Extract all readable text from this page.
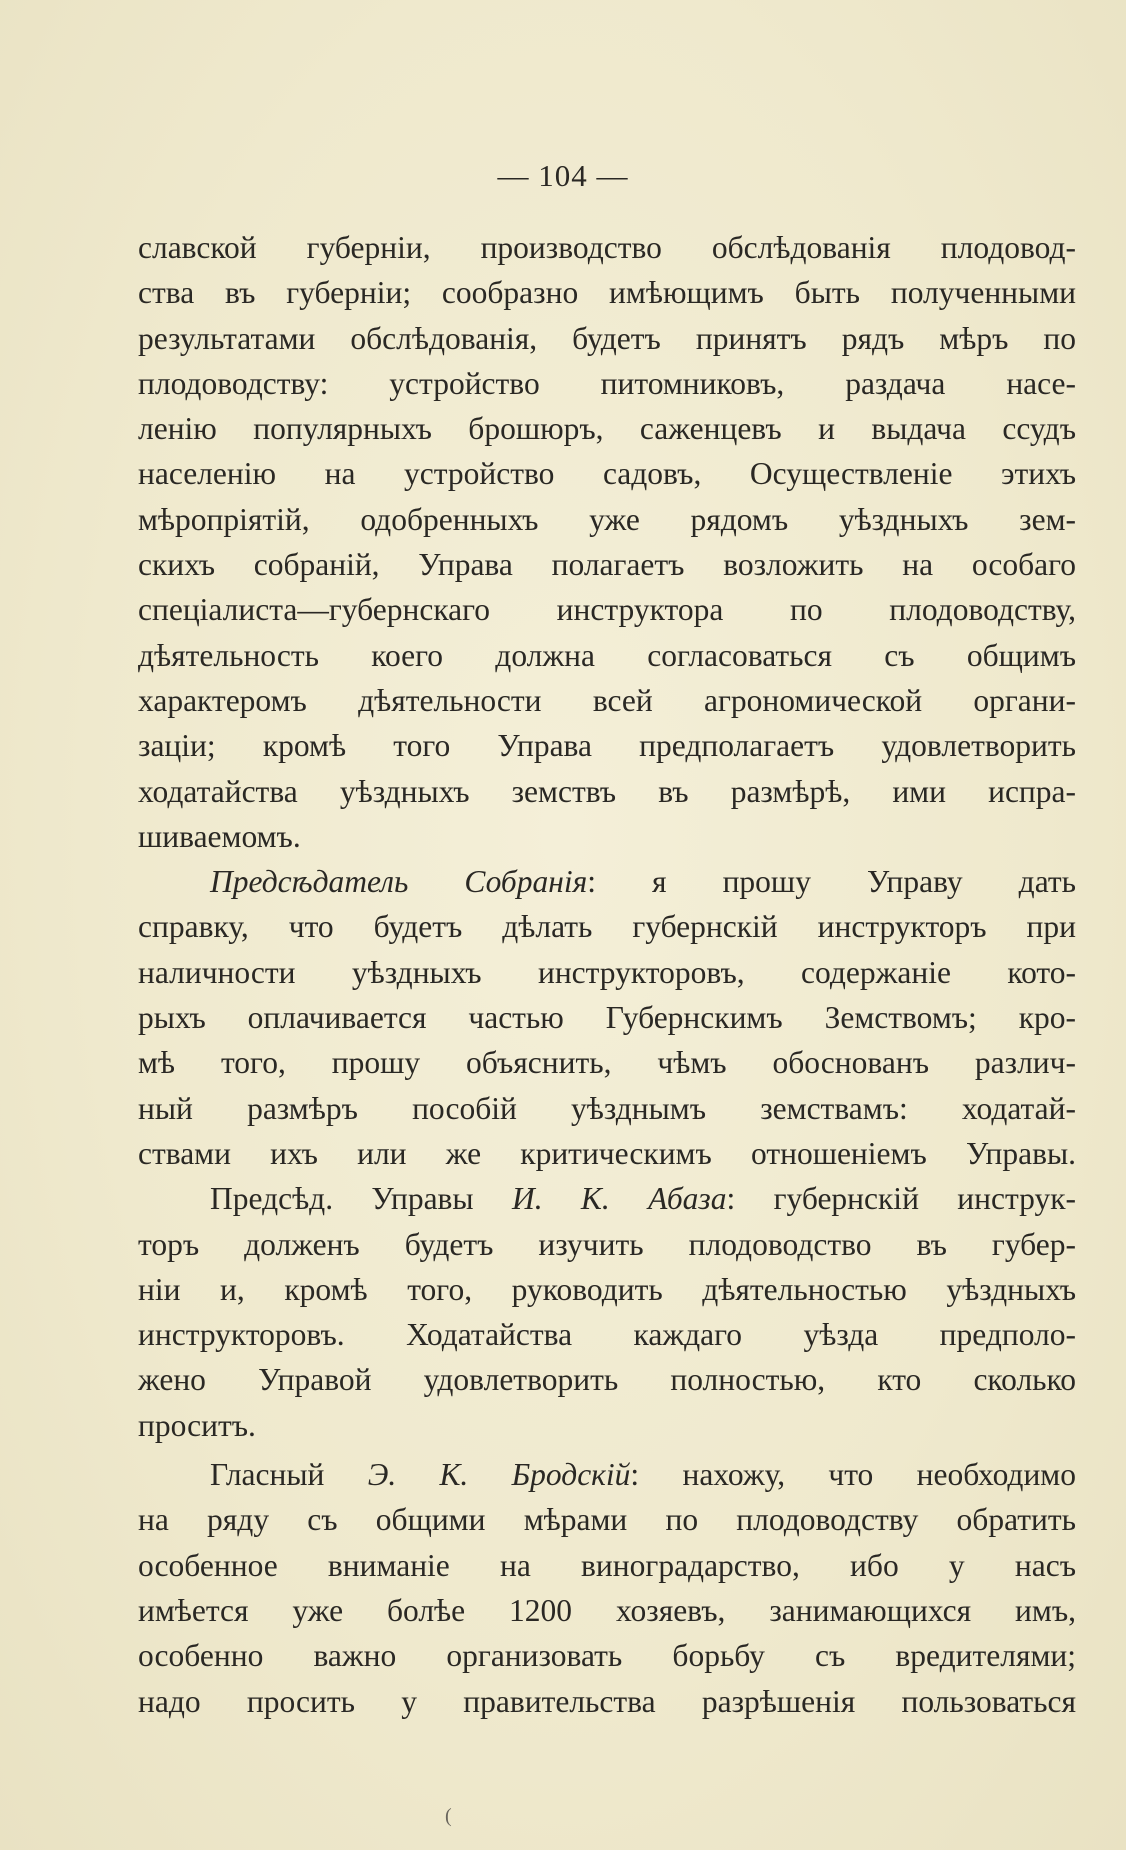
— 104 —
славской губерніи, производство обслѣдованія плодовод-
ства въ губерніи; сообразно имѣющимъ быть полученными
результатами обслѣдованія, будетъ принятъ рядъ мѣръ по
плодоводству: устройство питомниковъ, раздача насе-
ленію популярныхъ брошюръ, саженцевъ и выдача ссудъ
населенію на устройство садовъ, Осуществленіе этихъ
мѣропріятій, одобренныхъ уже рядомъ уѣздныхъ зем-
скихъ собраній, Управа полагаетъ возложить на особаго
спеціалиста—губернскаго инструктора по плодоводству,
дѣятельность коего должна согласоваться съ общимъ
характеромъ дѣятельности всей агрономической органи-
заціи; кромѣ того Управа предполагаетъ удовлетворить
ходатайства уѣздныхъ земствъ въ размѣрѣ, ими испра-
шиваемомъ.
Предсѣдатель Собранія: я прошу Управу дать
справку, что будетъ дѣлать губернскій инструкторъ при
наличности уѣздныхъ инструкторовъ, содержаніе кото-
рыхъ оплачивается частью Губернскимъ Земствомъ; кро-
мѣ того, прошу объяснить, чѣмъ обоснованъ различ-
ный размѣръ пособій уѣзднымъ земствамъ: ходатай-
ствами ихъ или же критическимъ отношеніемъ Управы.
Предсѣд. Управы И. К. Абаза: губернскій инструк-
торъ долженъ будетъ изучить плодоводство въ губер-
ніи и, кромѣ того, руководить дѣятельностью уѣздныхъ
инструкторовъ. Ходатайства каждаго уѣзда предполо-
жено Управой удовлетворить полностью, кто сколько
проситъ.
Гласный Э. К. Бродскій: нахожу, что необходимо
на ряду съ общими мѣрами по плодоводству обратить
особенное вниманіе на виноградарство, ибо у насъ
имѣется уже болѣе 1200 хозяевъ, занимающихся имъ,
особенно важно организовать борьбу съ вредителями;
надо просить у правительства разрѣшенія пользоваться
(
